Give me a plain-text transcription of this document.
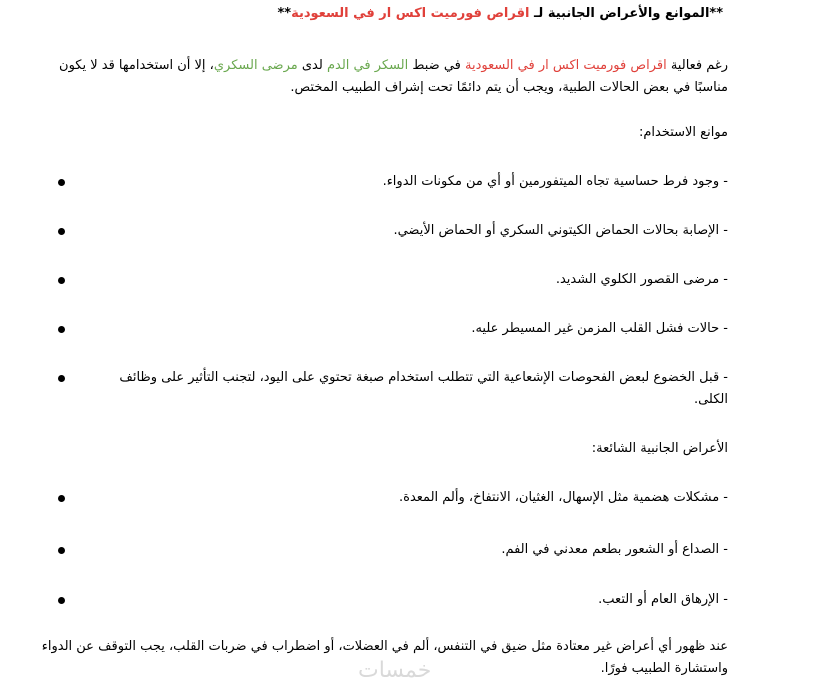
**الموانع والأعراض الجانبية لـ اقراص فورميت اكس ار في السعودية**
رغم فعالية اقراص فورميت اكس ار في السعودية في ضبط السكر في الدم لدى مرضى السكري، إلا أن استخدامها قد لا يكون
مناسبًا في بعض الحالات الطبية، ويجب أن يتم دائمًا تحت إشراف الطبيب المختص.
موانع الاستخدام:
- وجود فرط حساسية تجاه الميتفورمين أو أي من مكونات الدواء.
- الإصابة بحالات الحماض الكيتوني السكري أو الحماض الأيضي.
- مرضى القصور الكلوي الشديد.
- حالات فشل القلب المزمن غير المسيطر عليه.
- قبل الخضوع لبعض الفحوصات الإشعاعية التي تتطلب استخدام صبغة تحتوي على اليود، لتجنب التأثير على وظائف الكلى.
الأعراض الجانبية الشائعة:
- مشكلات هضمية مثل الإسهال، الغثيان، الانتفاخ، وألم المعدة.
- الصداع أو الشعور بطعم معدني في الفم.
- الإرهاق العام أو التعب.
عند ظهور أي أعراض غير معتادة مثل ضيق في التنفس، ألم في العضلات، أو اضطراب في ضربات القلب، يجب التوقف عن الدواء واستشارة الطبيب فورًا.
خمسات
